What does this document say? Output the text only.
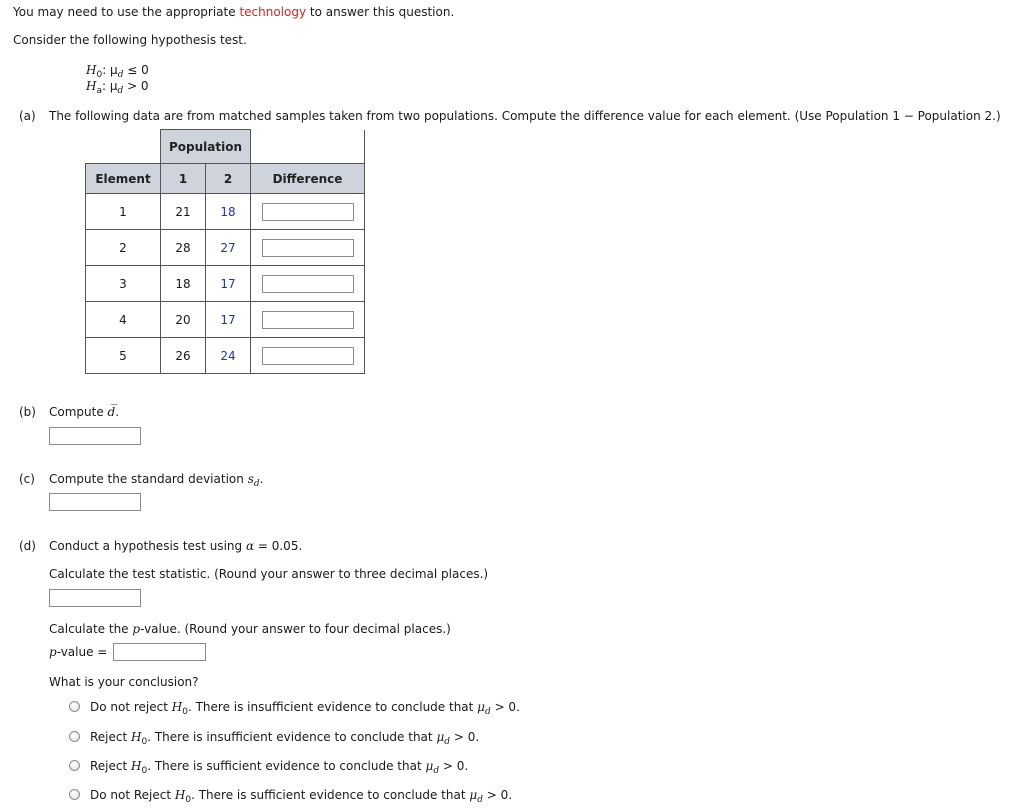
You may need to use the appropriate technology to answer this question.
Consider the following hypothesis test.
$H_0$: $\mu_d \le 0$
$H_a$: $\mu_d > 0$
(a) The following data are from matched samples taken from two populations. Compute the difference value for each element. (Use Population 1 − Population 2.)
	Population		
Element	1	2	Difference
1	21	18	

2	28	27	

3	18	17	

4	20	17	

5	26	24	
(b) Compute d̅.
(c) Compute the standard deviation $s_d$.
(d) Conduct a hypothesis test using α = 0.05.
Calculate the test statistic. (Round your answer to three decimal places.)
Calculate the p-value. (Round your answer to four decimal places.)
p-value =
What is your conclusion?
Do not reject $H_0$. There is insufficient evidence to conclude that $\mu_d > 0$.
Reject $H_0$. There is insufficient evidence to conclude that $\mu_d > 0$.
Reject $H_0$. There is sufficient evidence to conclude that $\mu_d > 0$.
Do not Reject $H_0$. There is sufficient evidence to conclude that $\mu_d > 0$.
